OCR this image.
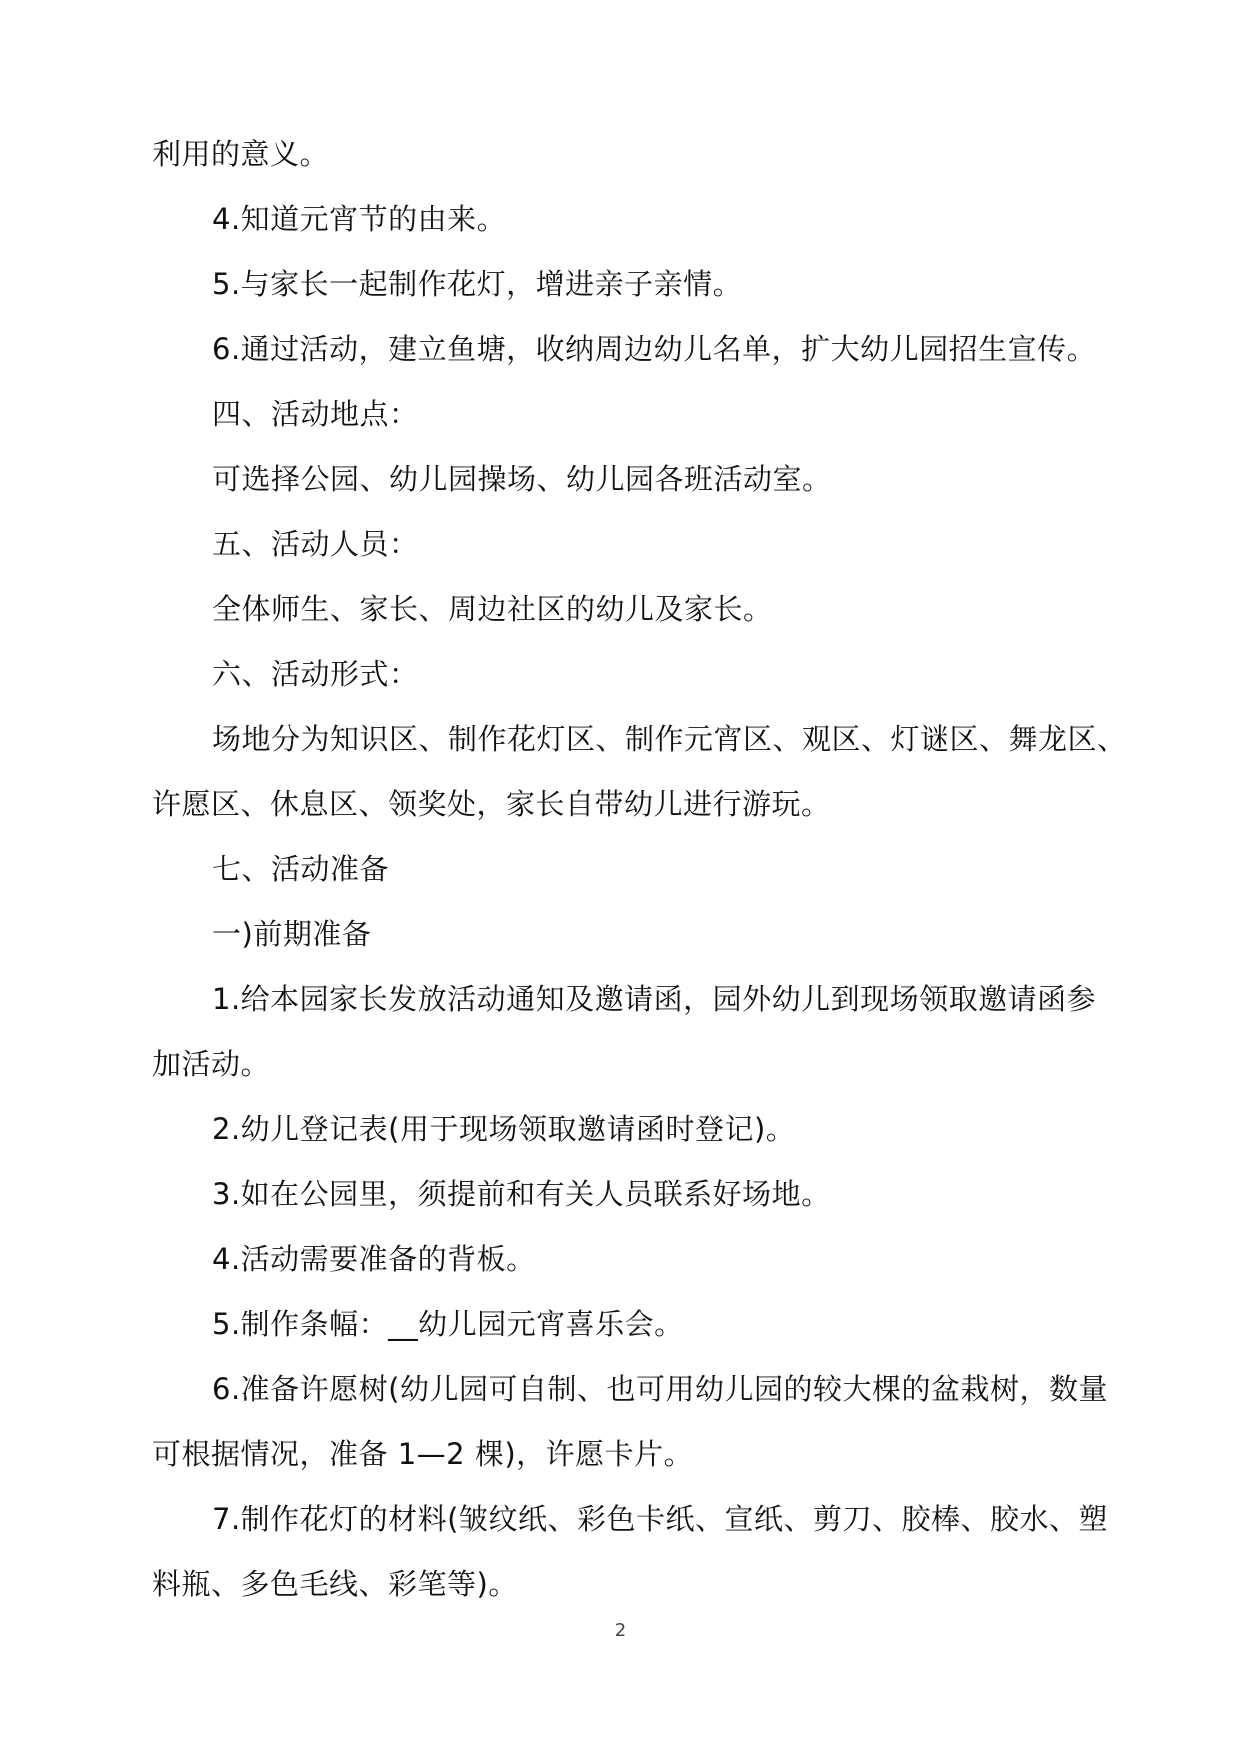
利用的意义。
4.知道元宵节的由来。
5.与家长一起制作花灯，增进亲子亲情。
6.通过活动，建立鱼塘，收纳周边幼儿名单，扩大幼儿园招生宣传。
四、活动地点：
可选择公园、幼儿园操场、幼儿园各班活动室。
五、活动人员：
全体师生、家长、周边社区的幼儿及家长。
六、活动形式：
场地分为知识区、制作花灯区、制作元宵区、观区、灯谜区、舞龙区、
许愿区、休息区、领奖处，家长自带幼儿进行游玩。
七、活动准备
一)前期准备
1.给本园家长发放活动通知及邀请函，园外幼儿到现场领取邀请函参
加活动。
2.幼儿登记表(用于现场领取邀请函时登记)。
3.如在公园里，须提前和有关人员联系好场地。
4.活动需要准备的背板。
5.制作条幅：__幼儿园元宵喜乐会。
6.准备许愿树(幼儿园可自制、也可用幼儿园的较大棵的盆栽树，数量
可根据情况，准备 1—2 棵)，许愿卡片。
7.制作花灯的材料(皱纹纸、彩色卡纸、宣纸、剪刀、胶棒、胶水、塑
料瓶、多色毛线、彩笔等)。
2
